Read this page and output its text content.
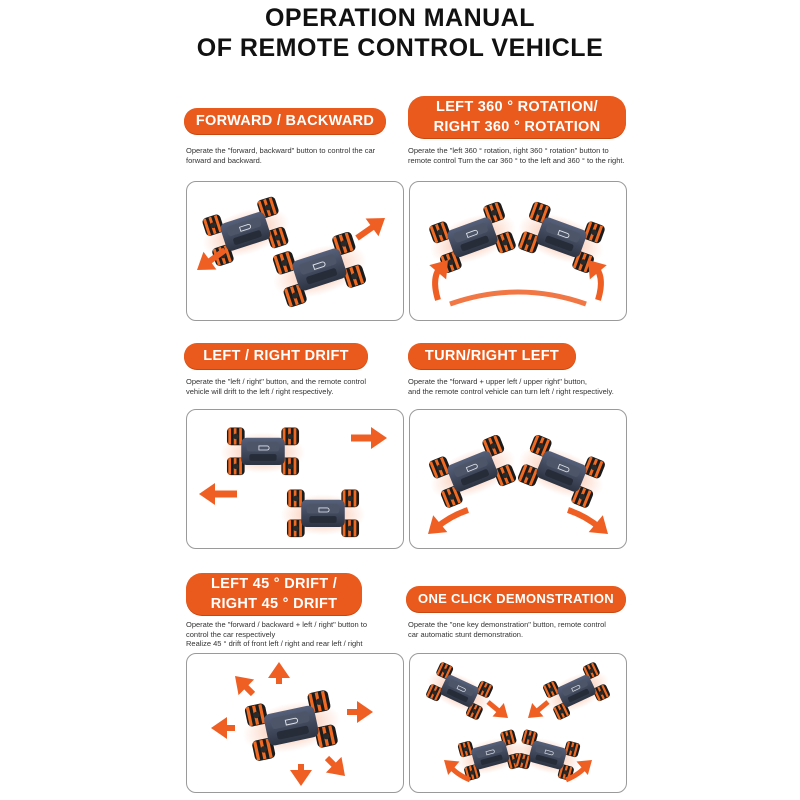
OPERATION MANUAL
OF REMOTE CONTROL VEHICLE
FORWARD / BACKWARD
Operate the "forward, backward" button to control the car
forward and backward.
LEFT 360 ° ROTATION/
RIGHT 360 ° ROTATION
Operate the "left 360 ° rotation, right 360 ° rotation" button to
remote control Turn the car 360 ° to the left and 360 ° to the right.
LEFT / RIGHT DRIFT
Operate the "left / right" button, and the remote control
vehicle will drift to the left / right respectively.
TURN/RIGHT LEFT
Operate the "forward + upper left / upper right" button,
and the remote control vehicle can turn left / right respectively.
LEFT 45 ° DRIFT /
RIGHT 45 ° DRIFT
Operate the "forward / backward + left / right" button to
control the car respectively
Realize 45 ° drift of front left / right and rear left / right
ONE CLICK DEMONSTRATION
Operate the "one key demonstration" button, remote control
car automatic stunt demonstration.
